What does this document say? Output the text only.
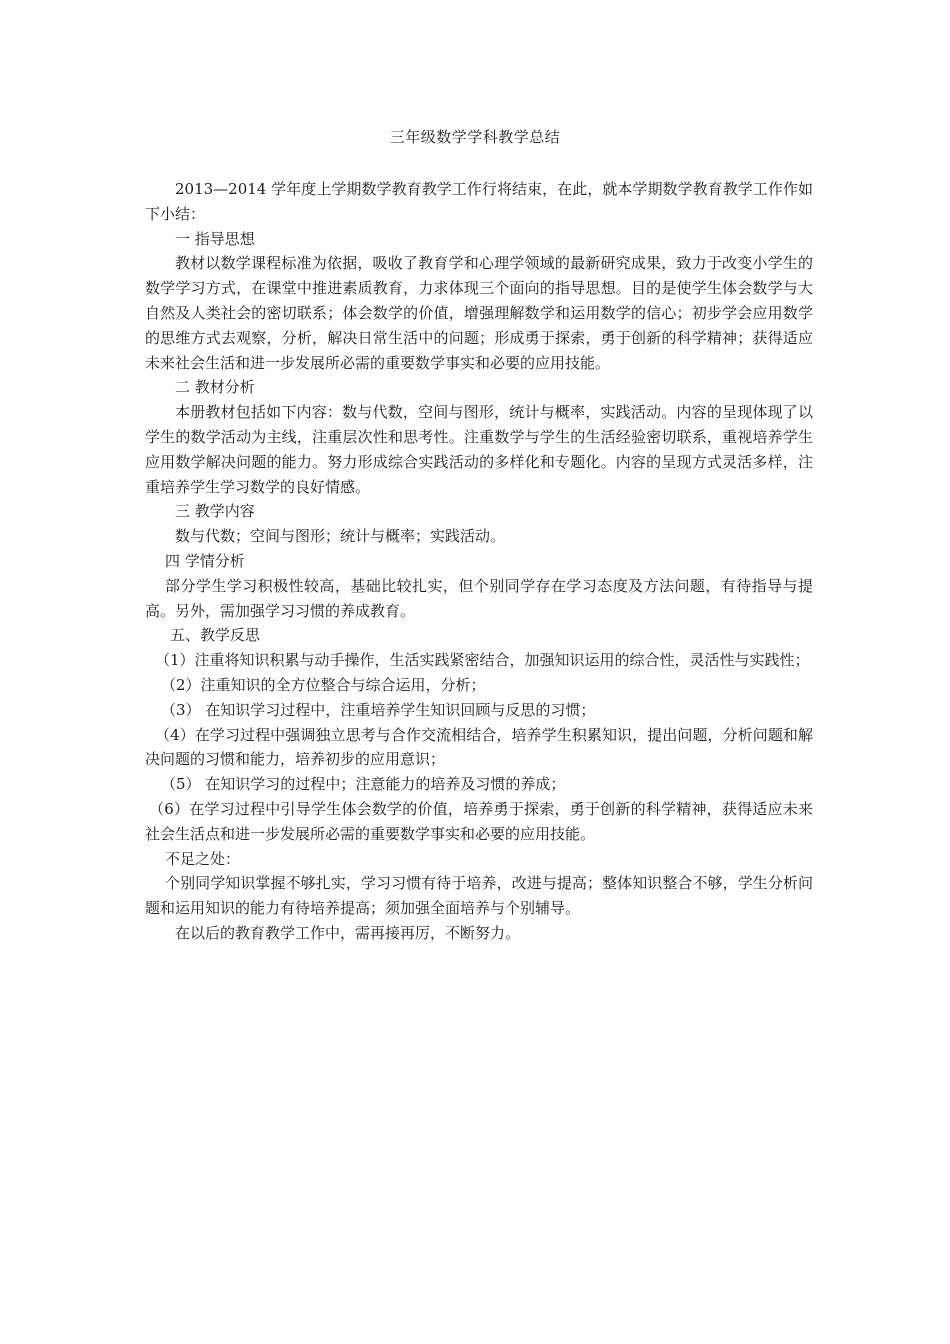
三年级数学学科教学总结

2013—2014 学年度上学期数学教育教学工作行将结束，在此，就本学期数学教育教学工作作如下小结：

一 指导思想

教材以数学课程标准为依据，吸收了教育学和心理学领域的最新研究成果，致力于改变小学生的数学学习方式，在课堂中推进素质教育，力求体现三个面向的指导思想。目的是使学生体会数学与大自然及人类社会的密切联系；体会数学的价值，增强理解数学和运用数学的信心；初步学会应用数学的思维方式去观察，分析，解决日常生活中的问题；形成勇于探索，勇于创新的科学精神；获得适应未来社会生活和进一步发展所必需的重要数学事实和必要的应用技能。

二 教材分析

本册教材包括如下内容：数与代数，空间与图形，统计与概率，实践活动。内容的呈现体现了以学生的数学活动为主线，注重层次性和思考性。注重数学与学生的生活经验密切联系，重视培养学生应用数学解决问题的能力。努力形成综合实践活动的多样化和专题化。内容的呈现方式灵活多样，注重培养学生学习数学的良好情感。

三 教学内容

数与代数；空间与图形；统计与概率；实践活动。

四 学情分析

部分学生学习积极性较高，基础比较扎实，但个别同学存在学习态度及方法问题，有待指导与提高。另外，需加强学习习惯的养成教育。

五、教学反思

（1）注重将知识积累与动手操作，生活实践紧密结合，加强知识运用的综合性，灵活性与实践性；

（2）注重知识的全方位整合与综合运用，分析；

（3） 在知识学习过程中，注重培养学生知识回顾与反思的习惯；

（4）在学习过程中强调独立思考与合作交流相结合，培养学生积累知识，提出问题，分析问题和解决问题的习惯和能力，培养初步的应用意识；

（5） 在知识学习的过程中；注意能力的培养及习惯的养成；

（6）在学习过程中引导学生体会数学的价值，培养勇于探索，勇于创新的科学精神，获得适应未来社会生活点和进一步发展所必需的重要数学事实和必要的应用技能。

不足之处：

个别同学知识掌握不够扎实，学习习惯有待于培养，改进与提高；整体知识整合不够，学生分析问题和运用知识的能力有待培养提高；须加强全面培养与个别辅导。

在以后的教育教学工作中，需再接再厉，不断努力。
